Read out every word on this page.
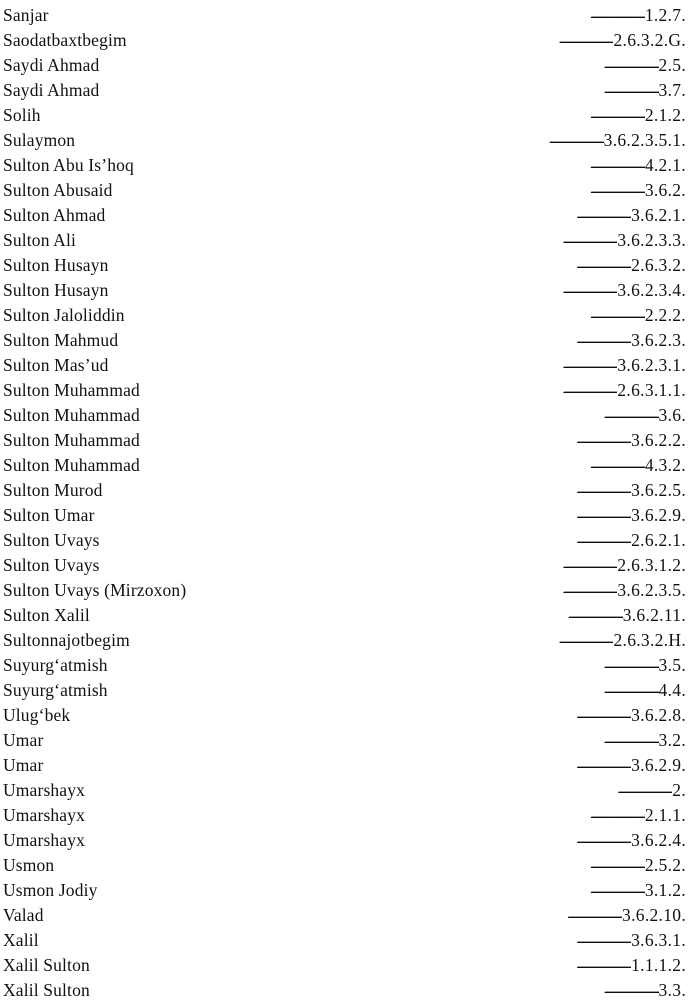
Sanjar . . .	1.2.7.
Saodatbaxtbegim . . .	2.6.3.2.G.
Saydi Ahmad . . .	2.5.
Saydi Ahmad . . .	3.7.
Solih . . .	2.1.2.
Sulaymon . . .	3.6.2.3.5.1.
Sulton Abu Is’hoq . . .	4.2.1.
Sulton Abusaid . . .	3.6.2.
Sulton Ahmad . . .	3.6.2.1.
Sulton Ali . . .	3.6.2.3.3.
Sulton Husayn . . .	2.6.3.2.
Sulton Husayn . . .	3.6.2.3.4.
Sulton Jaloliddin . . .	2.2.2.
Sulton Mahmud . . .	3.6.2.3.
Sulton Mas’ud . . .	3.6.2.3.1.
Sulton Muhammad . . .	2.6.3.1.1.
Sulton Muhammad . . .	3.6.
Sulton Muhammad . . .	3.6.2.2.
Sulton Muhammad . . .	4.3.2.
Sulton Murod . . .	3.6.2.5.
Sulton Umar . . .	3.6.2.9.
Sulton Uvays . . .	2.6.2.1.
Sulton Uvays . . .	2.6.3.1.2.
Sulton Uvays (Mirzoxon) . . .	3.6.2.3.5.
Sulton Xalil . . .	3.6.2.11.
Sultonnajotbegim . . .	2.6.3.2.H.
Suyurg‘atmish . . .	3.5.
Suyurg‘atmish . . .	4.4.
Ulug‘bek . . .	3.6.2.8.
Umar . . .	3.2.
Umar . . .	3.6.2.9.
Umarshayx . . .	2.
Umarshayx . . .	2.1.1.
Umarshayx . . .	3.6.2.4.
Usmon . . .	2.5.2.
Usmon Jodiy . . .	3.1.2.
Valad . . .	3.6.2.10.
Xalil . . .	3.6.3.1.
Xalil Sulton . . .	1.1.1.2.
Xalil Sulton . . .	3.3.
